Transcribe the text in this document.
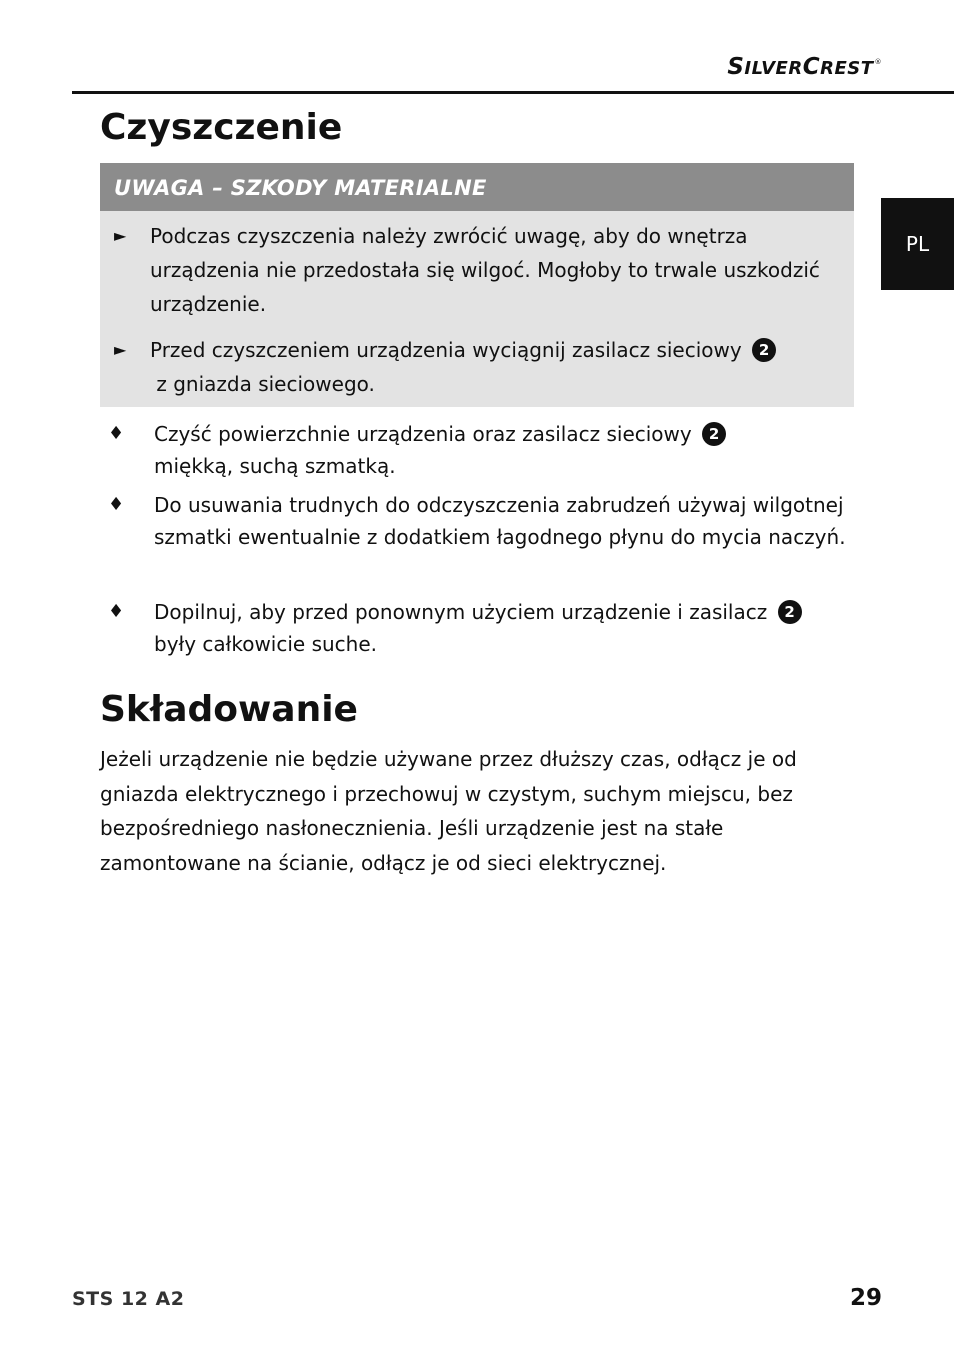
SILVERCREST®
PL
Czyszczenie
UWAGA – SZKODY MATERIALNE
► Podczas czyszczenia należy zwrócić uwagę, aby do wnętrza urządzenia nie przedostała się wilgoć. Mogłoby to trwale uszkodzić urządzenie.
► Przed czyszczeniem urządzenia wyciągnij zasilacz sieciowy 2
z gniazda sieciowego.
♦ Czyść powierzchnie urządzenia oraz zasilacz sieciowy 2
miękką, suchą szmatką.
♦ Do usuwania trudnych do odczyszczenia zabrudzeń używaj wilgotnej szmatki ewentualnie z dodatkiem łagodnego płynu do mycia naczyń.
♦ Dopilnuj, aby przed ponownym użyciem urządzenie i zasilacz 2
były całkowicie suche.
Składowanie

Jeżeli urządzenie nie będzie używane przez dłuższy czas, odłącz je od gniazda elektrycznego i przechowuj w czystym, suchym miejscu, bez bezpośredniego nasłonecznienia. Jeśli urządzenie jest na stałe zamontowane na ścianie, odłącz je od sieci elektrycznej.

STS 12 A2	29
